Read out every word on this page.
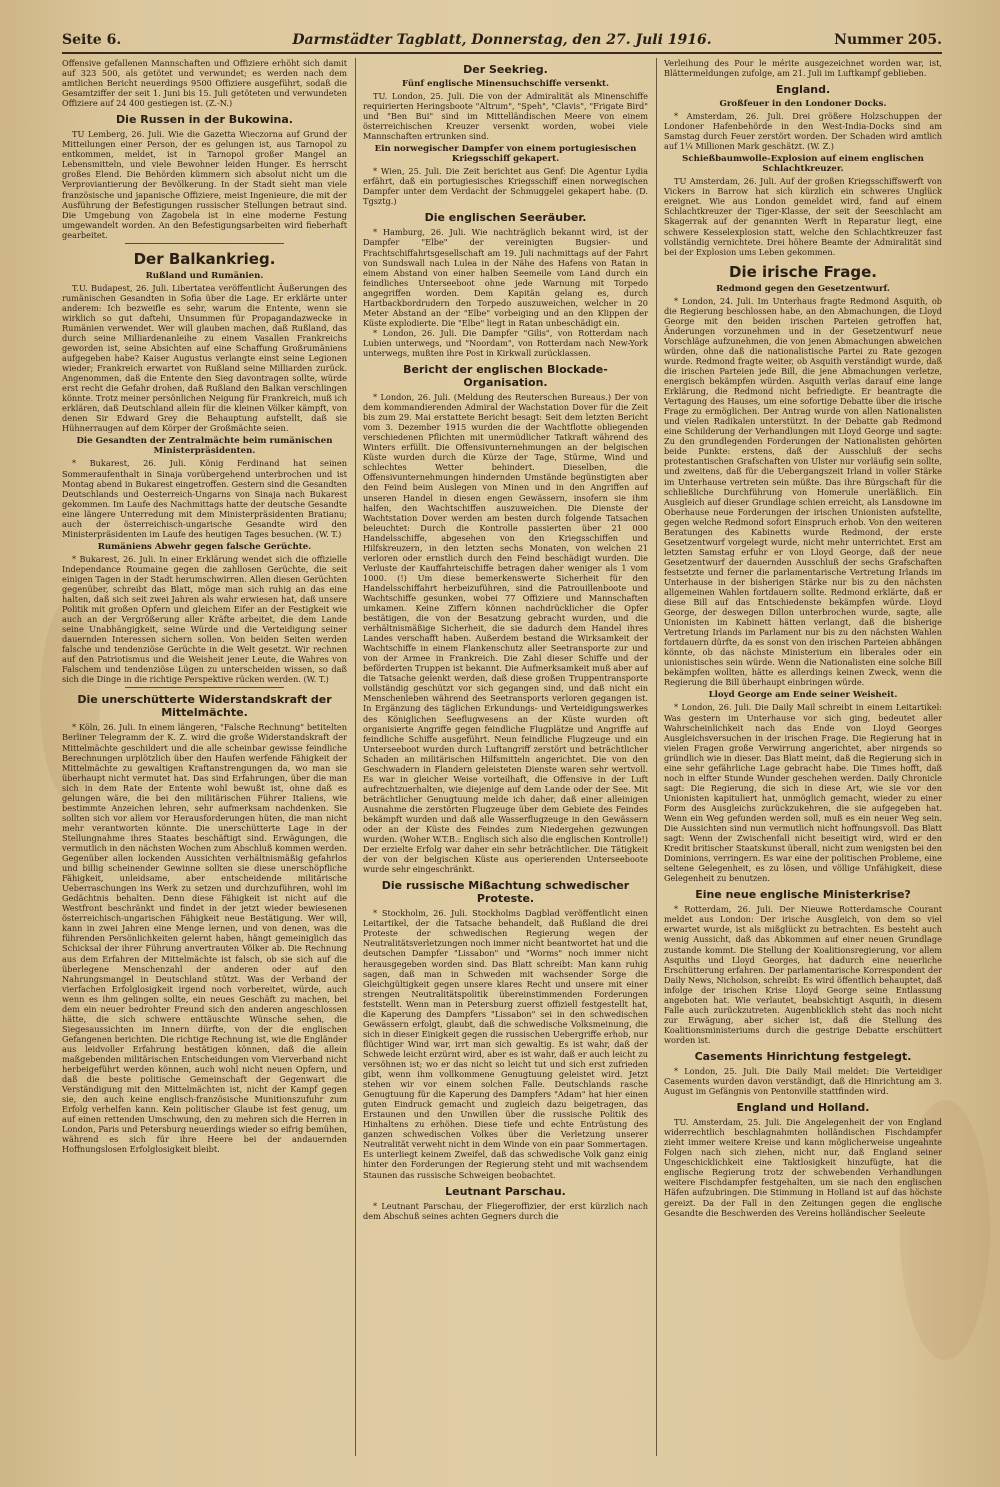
Seite 6.	Darmstädter Tagblatt, Donnerstag, den 27. Juli 1916.	Nummer 205.

Offensive gefallenen Mannschaften und Offiziere erhöht sich damit auf 323 500, als getötet und verwundet; es werden nach dem amtlichen Bericht neuerdings 9500 Offiziere ausgeführt, sodaß die Gesamtziffer der seit 1. Juni bis 15. Juli getöteten und verwundeten Offiziere auf 24 400 gestiegen ist. (Z.-N.)

Die Russen in der Bukowina.

TU Lemberg, 26. Juli. Wie die Gazetta Wieczorna auf Grund der Mitteilungen einer Person, der es gelungen ist, aus Tarnopol zu entkommen, meldet, ist in Tarnopol großer Mangel an Lebensmitteln, und viele Bewohner leiden Hunger. Es herrscht großes Elend. Die Behörden kümmern sich absolut nicht um die Verproviantierung der Bevölkerung. In der Stadt sieht man viele französische und japanische Offiziere, meist Ingenieure, die mit der Ausführung der Befestigungen russischer Stellungen betraut sind. Die Umgebung von Zagobela ist in eine moderne Festung umgewandelt worden. An den Befestigungsarbeiten wird fieberhaft gearbeitet.

Der Balkankrieg.
Rußland und Rumänien.

T.U. Budapest, 26. Juli. Libertatea veröffentlicht Äußerungen des rumänischen Gesandten in Sofia über die Lage. Er erklärte unter anderem: Ich bezweifle es sehr, warum die Entente, wenn sie wirklich so gut daftehi, Unsummen für Propagandazwecke in Rumänien verwendet. Wer will glauben machen, daß Rußland, das durch seine Milliardenanleihe zu einem Vasallen Frankreichs geworden ist, seine Absichten auf eine Schaffung Großrumäniens aufgegeben habe? Kaiser Augustus verlangte einst seine Legionen wieder; Frankreich erwartet von Rußland seine Milliarden zurück. Angenommen, daß die Entente den Sieg davontragen sollte, würde erst recht die Gefahr drohen, daß Rußland den Balkan verschlingen könnte. Trotz meiner persönlichen Neigung für Frankreich, muß ich erklären, daß Deutschland allein für die kleinen Völker kämpft, von denen Sir Edward Grey die Behauptung aufstellt, daß sie Hühnerraugen auf dem Körper der Großmächte seien.

Die Gesandten der Zentralmächte beim rumänischen Ministerpräsidenten.

* Bukarest, 26. Juli. König Ferdinand hat seinen Sommeraufenthalt in Sinaja vorübergehend unterbrochen und ist Montag abend in Bukarest eingetroffen. Gestern sind die Gesandten Deutschlands und Oesterreich-Ungarns von Sinaja nach Bukarest gekommen. Im Laufe des Nachmittags hatte der deutsche Gesandte eine längere Unterredung mit dem Ministerpräsidenten Bratianu; auch der österreichisch-ungarische Gesandte wird den Ministerpräsidenten im Laufe des heutigen Tages besuchen. (W. T.)

Rumäniens Abwehr gegen falsche Gerüchte.

* Bukarest, 26. Juli. In einer Erklärung wendet sich die offizielle Independance Roumaine gegen die zahllosen Gerüchte, die seit einigen Tagen in der Stadt herumschwirren. Allen diesen Gerüchten gegenüber, schreibt das Blatt, möge man sich ruhig an das eine halten, daß sich seit zwei Jahren als wahr erwiesen hat, daß unsere Politik mit großen Opfern und gleichem Eifer an der Festigkeit wie auch an der Vergrößerung aller Kräfte arbeitet, die dem Lande seine Unabhängigkeit, seine Würde und die Verteidigung seiner dauernden Interessen sichern sollen. Von beiden Seiten werden falsche und tendenziöse Gerüchte in die Welt gesetzt. Wir rechnen auf den Patriotismus und die Weisheit jener Leute, die Wahres von Falschem und tendenziöse Lügen zu unterscheiden wissen, so daß sich die Dinge in die richtige Perspektive rücken werden. (W. T.)

Die unerschütterte Widerstandskraft der Mittelmächte.

* Köln, 26. Juli. In einem längeren, "Falsche Rechnung" betitelten Berliner Telegramm der K. Z. wird die große Widerstandskraft der Mittelmächte geschildert und die alle scheinbar gewisse feindliche Berechnungen urplötzlich über den Haufen werfende Fähigkeit der Mittelmächte zu gewaltigen Kraftanstrengungen da, wo man sie überhaupt nicht vermutet hat. Das sind Erfahrungen, über die man sich in dem Rate der Entente wohl bewußt ist, ohne daß es gelungen wäre, die bei den militärischen Führer Italiens, wie bestimmte Anzeichen lehren, sehr aufmerksam nachdenken. Sie sollten sich vor allem vor Herausforderungen hüten, die man nicht mehr verantworten könnte. Die unerschütterte Lage in der Stellungnahme ihres Staates beschäftigt sind. Erwägungen, die vermutlich in den nächsten Wochen zum Abschluß kommen werden. Gegenüber allen lockenden Aussichten verhältnismäßig gefahrlos und billig scheinender Gewinne sollten sie diese unerschöpfliche Fähigkeit, unleidsame, aber entscheidende militärische Ueberraschungen ins Werk zu setzen und durchzuführen, wohl im Gedächtnis behalten. Denn diese Fähigkeit ist nicht auf die Westfront beschränkt und findet in der jetzt wieder bewiesenen österreichisch-ungarischen Fähigkeit neue Bestätigung. Wer will, kann in zwei Jahren eine Menge lernen, und von denen, was die führenden Persönlichkeiten gelernt haben, hängt gemeiniglich das Schicksal der ihrer Führung anvertrauten Völker ab. Die Rechnung aus dem Erfahren der Mittelmächte ist falsch, ob sie sich auf die überlegene Menschenzahl der anderen oder auf den Nahrungsmangel in Deutschland stützt. Was der Verband der vierfachen Erfolglosigkeit irgend noch vorbereitet, würde, auch wenn es ihm gelingen sollte, ein neues Geschäft zu machen, bei dem ein neuer bedrohter Freund sich den anderen angeschlossen hätte, die sich schwere enttäuschte Wünsche sehen, die Siegesaussichten im Innern dürfte, von der die englischen Gefangenen berichten. Die richtige Rechnung ist, wie die Engländer aus leidvoller Erfahrung bestätigen können, daß die allein maßgebenden militärischen Entscheidungen vom Vierverband nicht herbeigeführt werden können, auch wohl nicht neuen Opfern, und daß die beste politische Gemeinschaft der Gegenwart die Verständigung mit den Mittelmächten ist, nicht der Kampf gegen sie, den auch keine englisch-französische Munitionszufuhr zum Erfolg verhelfen kann. Kein politischer Glaube ist fest genug, um auf einen rettenden Umschwung, den zu mehren sich die Herren in London, Paris und Petersburg neuerdings wieder so eifrig bemühen, während es sich für ihre Heere bei der andauernden Hoffnungslosen Erfolglosigkeit bleibt.

Der Seekrieg.
Fünf englische Minensuchschiffe versenkt.

TU. London, 25. Juli. Die von der Admiralität als Minenschiffe requirierten Heringsboote "Altrum", "Speh", "Clavis", "Frigate Bird" und "Ben Bui" sind im Mittelländischen Meere von einem österreichischen Kreuzer versenkt worden, wobei viele Mannschaften ertrunken sind.

Ein norwegischer Dampfer von einem portugiesischen Kriegsschiff gekapert.

* Wien, 25. Juli. Die Zeit berichtet aus Genf: Die Agentur Lydia erfährt, daß ein portugiesisches Kriegsschiff einen norwegischen Dampfer unter dem Verdacht der Schmuggelei gekapert habe. (D. Tgsztg.)

Die englischen Seeräuber.

* Hamburg, 26. Juli. Wie nachträglich bekannt wird, ist der Dampfer "Elbe" der vereinigten Bugsier- und Frachtschiffahrtsgesellschaft am 19. Juli nachmittags auf der Fahrt von Sundswall nach Lulea in der Nähe des Hafens von Ratan in einem Abstand von einer halben Seemeile vom Land durch ein feindliches Unterseeboot ohne jede Warnung mit Torpedo angegriffen worden. Dem Kapitän gelang es, durch Hartbackbordrudern den Torpedo auszuweichen, welcher in 20 Meter Abstand an der "Elbe" vorbeiging und an den Klippen der Küste explodierte. Die "Elbe" liegt in Ratan unbeschädigt ein.

* London, 26. Juli. Die Dampfer "Gilis", von Rotterdam nach Lubien unterwegs, und "Noordam", von Rotterdam nach New-York unterwegs, mußten ihre Post in Kirkwall zurücklassen.

Bericht der englischen Blockade-Organisation.

* London, 26. Juli. (Meldung des Reuterschen Bureaus.) Der von dem kommandierenden Admiral der Wachstation Dover für die Zeit bis zum 29. Mai erstattete Bericht besagt: Seit dem letzten Bericht vom 3. Dezember 1915 wurden die der Wachtflotte obliegenden verschiedenen Pflichten mit unermüdlicher Tatkraft während des Winters erfüllt. Die Offensivunternehmungen an der belgischen Küste wurden durch die Kürze der Tage, Stürme, Wind und schlechtes Wetter behindert. Dieselben, die Offensivunternehmungen hindernden Umstände begünstigten aber den Feind beim Auslegen von Minen und in den Angriffen auf unseren Handel in diesen engen Gewässern, insofern sie ihm halfen, den Wachtschiffen auszuweichen. Die Dienste der Wachtstation Dover werden am besten durch folgende Tatsachen beleuchtet: Durch die Kontrolle passierten über 21 000 Handelsschiffe, abgesehen von den Kriegsschiffen und Hilfskreuzern, in den letzten sechs Monaten, von welchen 21 verloren oder ernstlich durch den Feind beschädigt wurden. Die Verluste der Kauffahrteischiffe betragen daher weniger als 1 vom 1000. (!) Um diese bemerkenswerte Sicherheit für den Handelsschiffahrt herbeizuführen, sind die Patrouillenboote und Wachtschiffe gesunken, wobei 77 Offiziere und Mannschaften umkamen. Keine Ziffern können nachdrücklicher die Opfer bestätigen, die von der Besatzung gebracht wurden, und die verhältnismäßige Sicherheit, die sie dadurch dem Handel ihres Landes verschafft haben. Außerdem bestand die Wirksamkeit der Wachtschiffe in einem Flankenschutz aller Seetransporte zur und von der Armee in Frankreich. Die Zahl dieser Schiffe und der beförderten Truppen ist bekannt. Die Aufmerksamkeit muß aber auf die Tatsache gelenkt werden, daß diese großen Truppentransporte vollständig geschützt vor sich gegangen sind, und daß nicht ein Menschenleben während des Seetransports verloren gegangen ist. In Ergänzung des täglichen Erkundungs- und Verteidigungswerkes des Königlichen Seeflugwesens an der Küste wurden oft organisierte Angriffe gegen feindliche Flugplätze und Angriffe auf feindliche Schiffe ausgeführt. Neun feindliche Flugzeuge und ein Unterseeboot wurden durch Luftangriff zerstört und beträchtlicher Schaden an militärischen Hilfsmitteln angerichtet. Die von den Geschwadern in Flandern geleisteten Dienste waren sehr wertvoll. Es war in gleicher Weise vorteilhaft, die Offensive in der Luft aufrechtzuerhalten, wie diejenige auf dem Lande oder der See. Mit beträchtlicher Genugtuung melde ich daher, daß einer alleinigen Ausnahme die zerstörten Flugzeuge über dem Gebiete des Feindes bekämpft wurden und daß alle Wasserflugzeuge in den Gewässern oder an der Küste des Feindes zum Niedergehen gezwungen wurden. (Woher W.T.B.: Englisch sich also die englischen Kontrolle!) Der erzielte Erfolg war daher ein sehr beträchtlicher. Die Tätigkeit der von der belgischen Küste aus operierenden Unterseeboote wurde sehr eingeschränkt.

Die russische Mißachtung schwedischer Proteste.

* Stockholm, 26. Juli. Stockholms Dagblad veröffentlicht einen Leitartikel, der die Tatsache behandelt, daß Rußland die drei Proteste der schwedischen Regierung wegen der Neutralitätsverletzungen noch immer nicht beantwortet hat und die deutschen Dampfer "Lissabon" und "Worms" noch immer nicht herausgegeben worden sind. Das Blatt schreibt: Man kann ruhig sagen, daß man in Schweden mit wachsender Sorge die Gleichgültigkeit gegen unsere klares Recht und unsere mit einer strengen Neutralitätspolitik übereinstimmenden Forderungen feststellt. Wenn man in Petersburg zuerst offiziell festgestellt hat, die Kaperung des Dampfers "Lissabon" sei in den schwedischen Gewässern erfolgt, glaubt, daß die schwedische Volksmeinung, die sich in dieser Einigkeit gegen die russischen Uebergriffe erhob, nur flüchtiger Wind war, irrt man sich gewaltig. Es ist wahr, daß der Schwede leicht erzürnt wird, aber es ist wahr, daß er auch leicht zu versöhnen ist; wo er das nicht so leicht tut und sich erst zufrieden gibt, wenn ihm vollkommene Genugtuung geleistet wird. Jetzt stehen wir vor einem solchen Falle. Deutschlands rasche Genugtuung für die Kaperung des Dampfers "Adam" hat hier einen guten Eindruck gemacht und zugleich dazu beigetragen, das Erstaunen und den Unwillen über die russische Politik des Hinhaltens zu erhöhen. Diese tiefe und echte Entrüstung des ganzen schwedischen Volkes über die Verletzung unserer Neutralität verweht nicht in dem Winde von ein paar Sommertagen. Es unterliegt keinem Zweifel, daß das schwedische Volk ganz einig hinter den Forderungen der Regierung steht und mit wachsendem Staunen das russische Schweigen beobachtet.

Leutnant Parschau.

* Leutnant Parschau, der Fliegeroffizier, der erst kürzlich nach dem Abschuß seines achten Gegners durch die

Verleihung des Pour le mérite ausgezeichnet worden war, ist, Blättermeldungen zufolge, am 21. Juli im Luftkampf geblieben.

England.
Großfeuer in den Londoner Docks.

* Amsterdam, 26. Juli. Drei größere Holzschuppen der Londoner Hafenbehörde in den West-India-Docks sind am Samstag durch Feuer zerstört worden. Der Schaden wird amtlich auf 1¼ Millionen Mark geschätzt. (W. Z.)

Schießbaumwolle-Explosion auf einem englischen Schlachtkreuzer.

TU Amsterdam, 26. Juli. Auf der großen Kriegsschiffswerft von Vickers in Barrow hat sich kürzlich ein schweres Unglück ereignet. Wie aus London gemeldet wird, fand auf einem Schlachtkreuzer der Tiger-Klasse, der seit der Seeschlacht am Skagerrak auf der genannten Werft in Reparatur liegt, eine schwere Kesselexplosion statt, welche den Schlachtkreuzer fast vollständig vernichtete. Drei höhere Beamte der Admiralität sind bei der Explosion ums Leben gekommen.

Die irische Frage.
Redmond gegen den Gesetzentwurf.

* London, 24. Juli. Im Unterhaus fragte Redmond Asquith, ob die Regierung beschlossen habe, an den Abmachungen, die Lloyd George mit den beiden irischen Parteien getroffen hat, Änderungen vorzunehmen und in der Gesetzentwurf neue Vorschläge aufzunehmen, die von jenen Abmachungen abweichen würden, ohne daß die nationalistische Partei zu Rate gezogen wurde. Redmond fragte weiter, ob Asquith verständigt wurde, daß die irischen Parteien jede Bill, die jene Abmachungen verletze, energisch bekämpfen würden. Asquith verlas darauf eine lange Erklärung, die Redmond nicht befriedigte. Er beantragte die Vertagung des Hauses, um eine sofortige Debatte über die irische Frage zu ermöglichen. Der Antrag wurde von allen Nationalisten und vielen Radikalen unterstützt. In der Debatte gab Redmond eine Schilderung der Verhandlungen mit Lloyd George und sagte: Zu den grundlegenden Forderungen der Nationalisten gehörten beide Punkte: erstens, daß der Ausschluß der sechs protestantischen Grafschaften von Ulster nur vorläufig sein sollte, und zweitens, daß für die Uebergangszeit Irland in voller Stärke im Unterhause vertreten sein müßte. Das ihre Bürgschaft für die schließliche Durchführung von Homerule unerläßlich. Ein Ausgleich auf dieser Grundlage schien erreicht, als Lansdowne im Oberhause neue Forderungen der irischen Unionisten aufstellte, gegen welche Redmond sofort Einspruch erhob. Von den weiteren Beratungen des Kabinetts wurde Redmond, der erste Gesetzentwurf vorgelegt wurde, nicht mehr unterrichtet. Erst am letzten Samstag erfuhr er von Lloyd George, daß der neue Gesetzentwurf der dauernden Ausschluß der sechs Grafschaften festsetzte und ferner die parlamentarische Vertretung Irlands im Unterhause in der bisherigen Stärke nur bis zu den nächsten allgemeinen Wahlen fortdauern sollte. Redmond erklärte, daß er diese Bill auf das Entschiedenste bekämpfen würde. Lloyd George, der deswegen Dillon unterbrochen wurde, sagte, alle Unionisten im Kabinett hätten verlangt, daß die bisherige Vertretung Irlands im Parlament nur bis zu den nächsten Wahlen fortdauern dürfte, da es sonst von den irischen Parteien abhängen könnte, ob das nächste Ministerium ein liberales oder ein unionistisches sein würde. Wenn die Nationalisten eine solche Bill bekämpfen wollten, hätte es allerdings keinen Zweck, wenn die Regierung die Bill überhaupt einbringen würde.

Lloyd George am Ende seiner Weisheit.

* London, 26. Juli. Die Daily Mail schreibt in einem Leitartikel: Was gestern im Unterhause vor sich ging, bedeutet aller Wahrscheinlichkeit nach das Ende von Lloyd Georges Ausgleichsversuchen in der irischen Frage. Die Regierung hat in vielen Fragen große Verwirrung angerichtet, aber nirgends so gründlich wie in dieser. Das Blatt meint, daß die Regierung sich in eine sehr gefährliche Lage gebracht habe. Die Times hofft, daß noch in elfter Stunde Wunder geschehen werden. Daily Chronicle sagt: Die Regierung, die sich in diese Art, wie sie vor den Unionisten kapituliert hat, unmöglich gemacht, wieder zu einer Form des Ausgleichs zurückzukehren, die sie aufgegeben hat. Wenn ein Weg gefunden werden soll, muß es ein neuer Weg sein. Die Aussichten sind nun vermutlich nicht hoffnungsvoll. Das Blatt sagt: Wenn der Zwischenfall nicht beseitigt wird, wird er den Kredit britischer Staatskunst überall, nicht zum wenigsten bei den Dominions, verringern. Es war eine der politischen Probleme, eine seltene Gelegenheit, es zu lösen, und völlige Unfähigkeit, diese Gelegenheit zu benutzen.

Eine neue englische Ministerkrise?

* Rotterdam, 26. Juli. Der Nieuwe Rotterdamsche Courant meldet aus London: Der irische Ausgleich, von dem so viel erwartet wurde, ist als mißglückt zu betrachten. Es besteht auch wenig Aussicht, daß das Abkommen auf einer neuen Grundlage zustande kommt. Die Stellung der Koalitionsregierung, vor allem Asquiths und Lloyd Georges, hat dadurch eine neuerliche Erschütterung erfahren. Der parlamentarische Korrespondent der Daily News, Nicholson, schreibt: Es wird öffentlich behauptet, daß infolge der irischen Krise Lloyd George seine Entlassung angeboten hat. Wie verlautet, beabsichtigt Asquith, in diesem Falle auch zurückzutreten. Augenblicklich steht das noch nicht zur Erwägung, aber sicher ist, daß die Stellung des Koalitionsministeriums durch die gestrige Debatte erschüttert worden ist.

Casements Hinrichtung festgelegt.

* London, 25. Juli. Die Daily Mail meldet: Die Verteidiger Casements wurden davon verständigt, daß die Hinrichtung am 3. August im Gefängnis von Pentonville stattfinden wird.

England und Holland.

TU. Amsterdam, 25. Juli. Die Angelegenheit der von England widerrechtlich beschlagnahmten holländischen Fischdampfer zieht immer weitere Kreise und kann möglicherweise ungeahnte Folgen nach sich ziehen, nicht nur, daß England seiner Ungeschicklichkeit eine Taktlosigkeit hinzufügte, hat die englische Regierung trotz der schwebenden Verhandlungen weitere Fischdampfer festgehalten, um sie nach den englischen Häfen aufzubringen. Die Stimmung in Holland ist auf das höchste gereizt. Da der Fall in den Zeitungen gegen die englische Gesandte die Beschwerden des Vereins holländischer Seeleute
